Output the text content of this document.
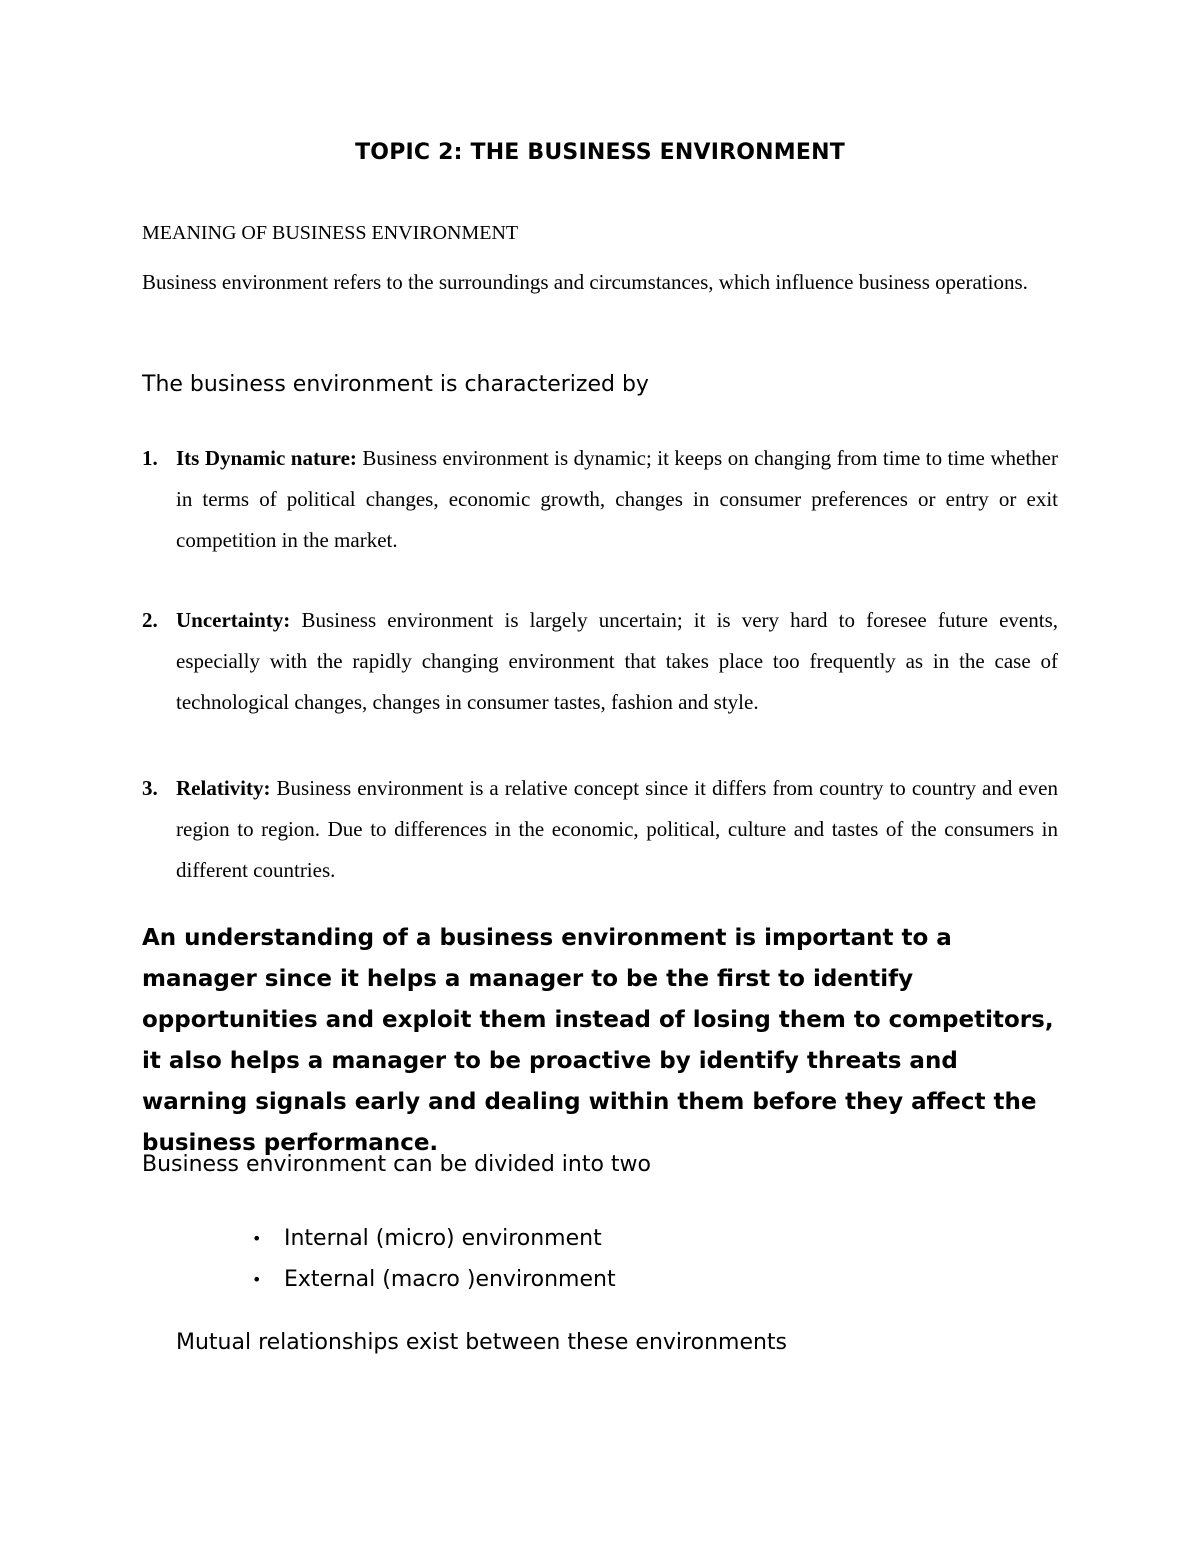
TOPIC 2: THE BUSINESS ENVIRONMENT
MEANING OF BUSINESS ENVIRONMENT
Business environment refers to the surroundings and circumstances, which influence business operations.
The business environment is characterized by
1. Its Dynamic nature: Business environment is dynamic; it keeps on changing from time to time whether in terms of political changes, economic growth, changes in consumer preferences or entry or exit competition in the market.
2. Uncertainty: Business environment is largely uncertain; it is very hard to foresee future events, especially with the rapidly changing environment that takes place too frequently as in the case of technological changes, changes in consumer tastes, fashion and style.
3. Relativity: Business environment is a relative concept since it differs from country to country and even region to region. Due to differences in the economic, political, culture and tastes of the consumers in different countries.
An understanding of a business environment is important to a manager since it helps a manager to be the first to identify opportunities and exploit them instead of losing them to competitors, it also helps a manager to be proactive by identify threats and warning signals early and dealing within them before they affect the business performance.
Business environment can be divided into two
• Internal (micro) environment
• External (macro )environment
Mutual relationships exist between these environments
